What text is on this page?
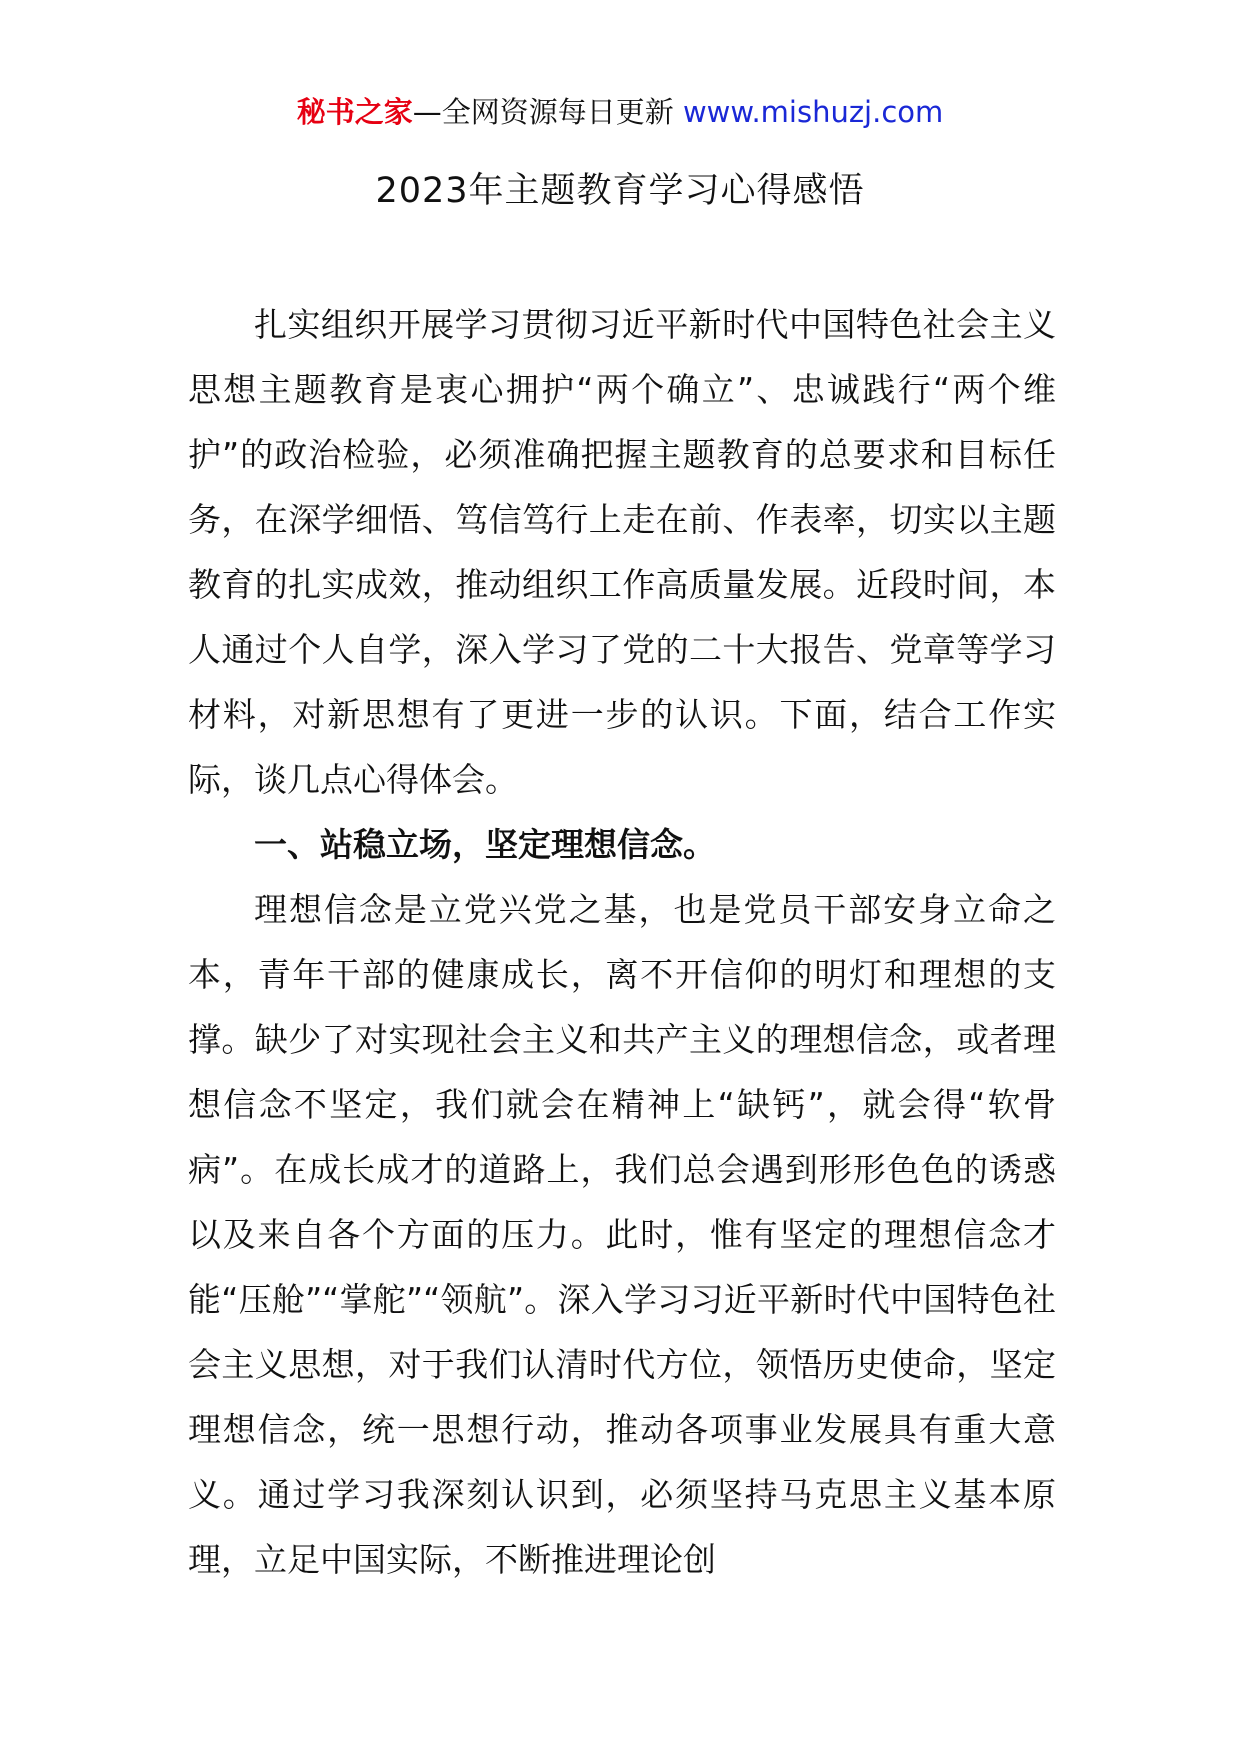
秘书之家—全网资源每日更新 www.mishuzj.com
2023年主题教育学习心得感悟

扎实组织开展学习贯彻习近平新时代中国特色社会主义思想主题教育是衷心拥护“两个确立”、忠诚践行“两个维护”的政治检验，必须准确把握主题教育的总要求和目标任务，在深学细悟、笃信笃行上走在前、作表率，切实以主题教育的扎实成效，推动组织工作高质量发展。近段时间，本人通过个人自学，深入学习了党的二十大报告、党章等学习材料，对新思想有了更进一步的认识。下面，结合工作实际，谈几点心得体会。

一、站稳立场，坚定理想信念。

理想信念是立党兴党之基，也是党员干部安身立命之本，青年干部的健康成长，离不开信仰的明灯和理想的支撑。缺少了对实现社会主义和共产主义的理想信念，或者理想信念不坚定，我们就会在精神上“缺钙”，就会得“软骨病”。在成长成才的道路上，我们总会遇到形形色色的诱惑以及来自各个方面的压力。此时，惟有坚定的理想信念才能“压舱”“掌舵”“领航”。深入学习习近平新时代中国特色社会主义思想，对于我们认清时代方位，领悟历史使命，坚定理想信念，统一思想行动，推动各项事业发展具有重大意义。通过学习我深刻认识到，必须坚持马克思主义基本原理，立足中国实际，不断推进理论创
